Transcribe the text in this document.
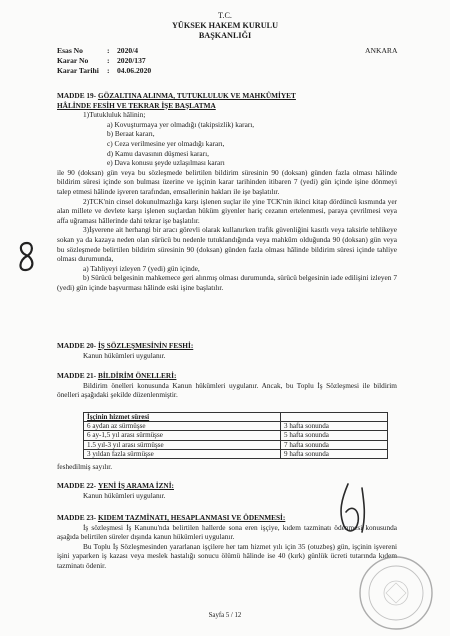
T.C.
YÜKSEK HAKEM KURULU
BAŞKANLIĞI
Esas No	: 2020/4
Karar No : 2020/137
Karar Tarihi : 04.06.2020
ANKARA

MADDE 19- GÖZALTINA ALINMA, TUTUKLULUK VE MAHKÛMİYET

HÂLİNDE FESİH VE TEKRAR İŞE BAŞLATMA

1)Tutukluluk hâlinin;

a) Kovuşturmaya yer olmadığı (takipsizlik) kararı,

b) Beraat kararı,

c) Ceza verilmesine yer olmadığı kararı,

d) Kamu davasının düşmesi kararı,

e) Dava konusu şeyde uzlaşılması kararı

ile 90 (doksan) gün veya bu sözleşmede belirtilen bildirim süresinin 90 (doksan) günden fazla olması hâlinde bildirim süresi içinde son bulması üzerine ve işçinin karar tarihinden itibaren 7 (yedi) gün içinde işine dönmeyi talep etmesi hâlinde işveren tarafından, emsallerinin hakları ile işe başlatılır.

2)TCK'nin cinsel dokunulmazlığa karşı işlenen suçlar ile yine TCK'nin ikinci kitap dördüncü kısmında yer alan millete ve devlete karşı işlenen suçlardan hüküm giyenler hariç cezanın ertelenmesi, paraya çevrilmesi veya affa uğraması hâllerinde dahi tekrar işe başlatılır.

3)İşverene ait herhangi bir aracı görevli olarak kullanırken trafik güvenliğini kasıtlı veya taksirle tehlikeye sokan ya da kazaya neden olan sürücü bu nedenle tutuklandığında veya mahkûm olduğunda 90 (doksan) gün veya bu sözleşmede belirtilen bildirim süresinin 90 (doksan) günden fazla olması hâlinde bildirim süresi içinde tahliye olması durumunda,

a) Tahliyeyi izleyen 7 (yedi) gün içinde,

b) Sürücü belgesinin mahkemece geri alınmış olması durumunda, sürücü belgesinin iade edilişini izleyen 7 (yedi) gün içinde başvurması hâlinde eski işine başlatılır.

MADDE 20- İŞ SÖZLEŞMESİNİN FESHİ:

Kanun hükümleri uygulanır.

MADDE 21- BİLDİRİM ÖNELLERİ:

Bildirim önelleri konusunda Kanun hükümleri uygulanır. Ancak, bu Toplu İş Sözleşmesi ile bildirim önelleri aşağıdaki şekilde düzenlenmiştir.

İşçinin hizmet süresi	
6 aydan az sürmüşse	3 hafta sonunda
6 ay-1,5 yıl arası sürmüşse	5 hafta sonunda
1.5 yıl-3 yıl arası sürmüşse	7 hafta sonunda
3 yıldan fazla sürmüşse	9 hafta sonunda
feshedilmiş sayılır.

MADDE 22- YENİ İŞ ARAMA İZNİ:

Kanun hükümleri uygulanır.

MADDE 23- KIDEM TAZMİNATI, HESAPLANMASI VE ÖDENMESİ:

İş sözleşmesi İş Kanunu'nda belirtilen hallerde sona eren işçiye, kıdem tazminatı ödenmesi konusunda aşağıda belirtilen süreler dışında kanun hükümleri uygulanır.

Bu Toplu İş Sözleşmesinden yararlanan işçilere her tam hizmet yılı için 35 (otuzbeş) gün, işçinin işvereni işini yaparken iş kazası veya meslek hastalığı sonucu ölümü hâlinde ise 40 (kırk) günlük ücreti tutarında kıdem tazminatı ödenir.

Sayfa 5 / 12
